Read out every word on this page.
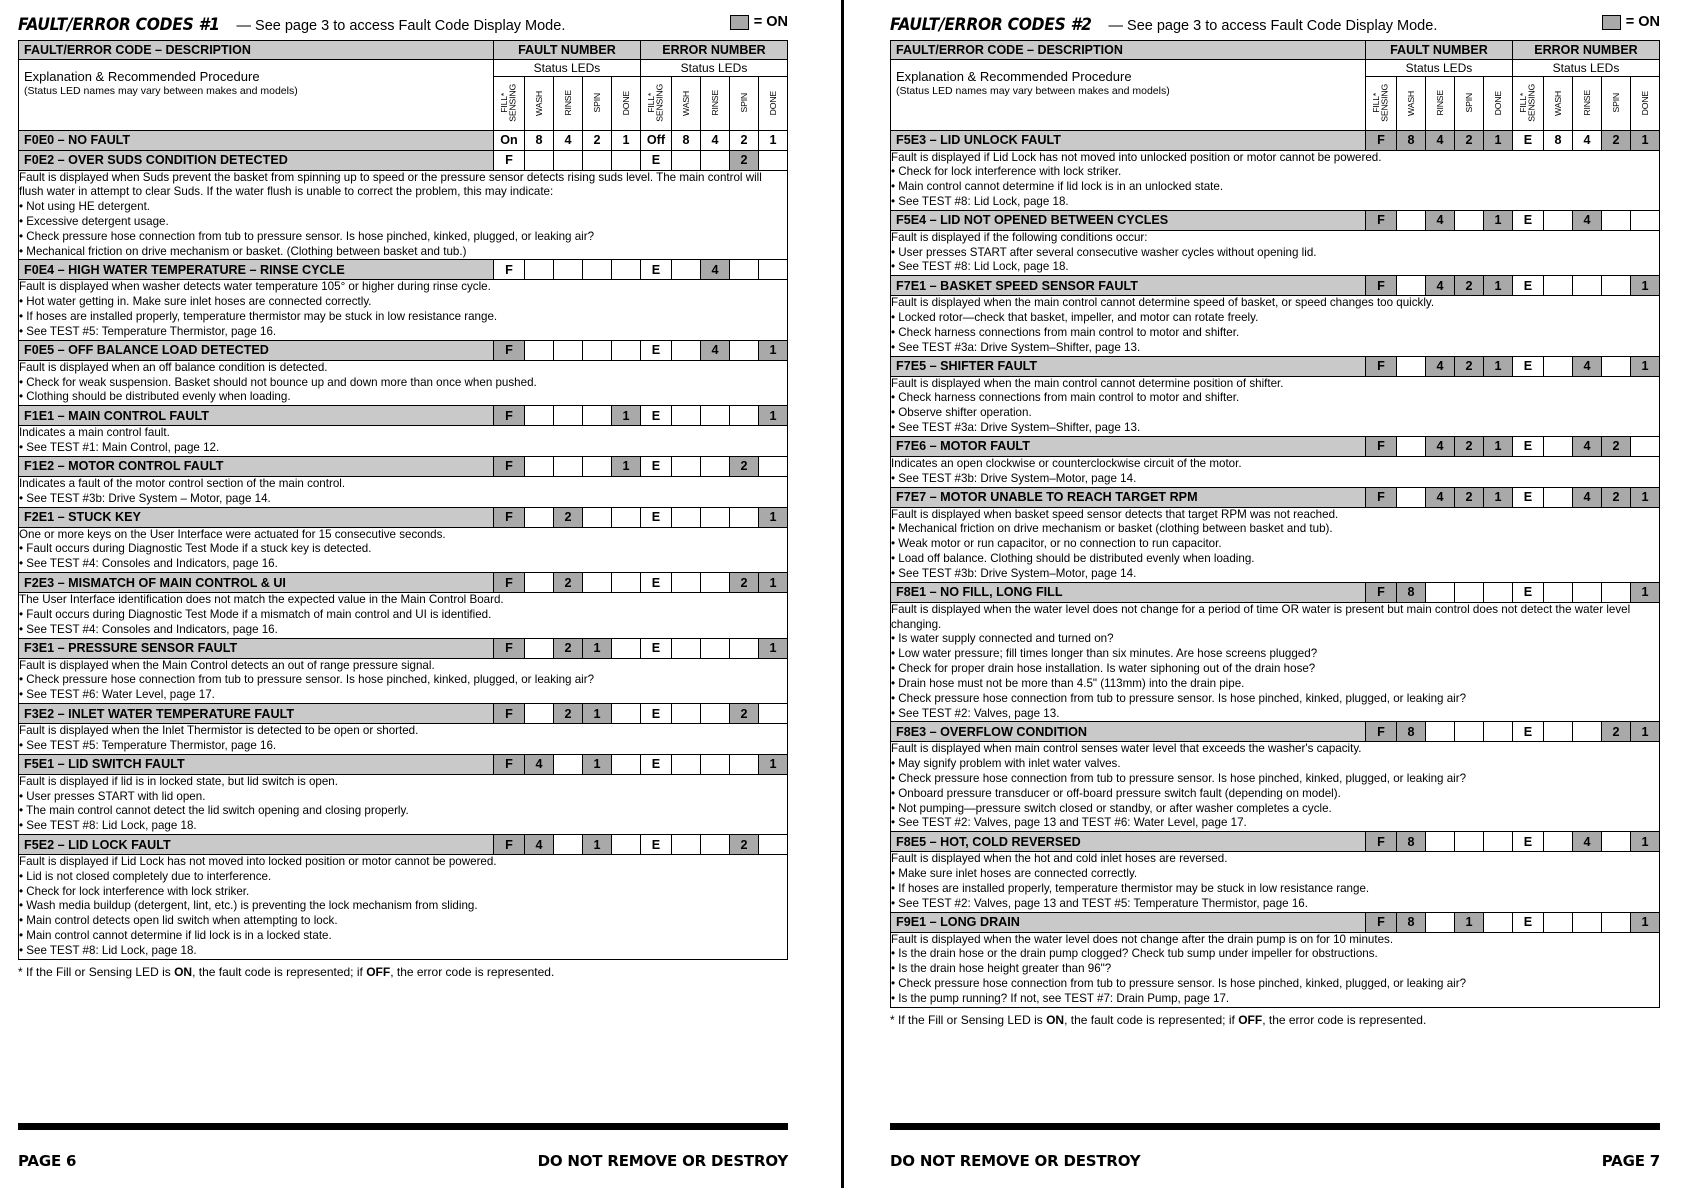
FAULT/ERROR CODES #1 — See page 3 to access Fault Code Display Mode.	= ON
FAULT/ERROR CODE – DESCRIPTION
Explanation & Recommended Procedure
(Status LED names may vary between makes and models)	FAULT NUMBER					ERROR NUMBER				
	Status LEDs					Status LEDs				

	FILL*
SENSING	WASH	RINSE	SPIN	DONE	FILL*
SENSING	WASH	RINSE	SPIN	DONE

F0E0 – NO FAULT	On	8	4	2	1	Off	8	4	2	1
F0E2 – OVER SUDS CONDITION DETECTED	F					E			2	

Fault is displayed when Suds prevent the basket from spinning up to speed or the pressure sensor detects rising suds level. The main control will flush water in attempt to clear Suds. If the water flush is unable to correct the problem, this may indicate:

• Not using HE detergent.

• Excessive detergent usage.

• Check pressure hose connection from tub to pressure sensor. Is hose pinched, kinked, plugged, or leaking air?

• Mechanical friction on drive mechanism or basket. (Clothing between basket and tub.)										

F0E4 – HIGH WATER TEMPERATURE – RINSE CYCLE	F					E		4		

Fault is displayed when washer detects water temperature 105° or higher during rinse cycle.

• Hot water getting in. Make sure inlet hoses are connected correctly.

• If hoses are installed properly, temperature thermistor may be stuck in low resistance range.

• See TEST #5: Temperature Thermistor, page 16.										

F0E5 – OFF BALANCE LOAD DETECTED	F					E		4		1

Fault is displayed when an off balance condition is detected.

• Check for weak suspension. Basket should not bounce up and down more than once when pushed.

• Clothing should be distributed evenly when loading.										

F1E1 – MAIN CONTROL FAULT	F				1	E				1

Indicates a main control fault.

• See TEST #1: Main Control, page 12.										

F1E2 – MOTOR CONTROL FAULT	F				1	E			2	

Indicates a fault of the motor control section of the main control.

• See TEST #3b: Drive System – Motor, page 14.										

F2E1 – STUCK KEY	F		2			E				1

One or more keys on the User Interface were actuated for 15 consecutive seconds.

• Fault occurs during Diagnostic Test Mode if a stuck key is detected.

• See TEST #4: Consoles and Indicators, page 16.										

F2E3 – MISMATCH OF MAIN CONTROL & UI	F		2			E			2	1

The User Interface identification does not match the expected value in the Main Control Board.

• Fault occurs during Diagnostic Test Mode if a mismatch of main control and UI is identified.

• See TEST #4: Consoles and Indicators, page 16.										

F3E1 – PRESSURE SENSOR FAULT	F		2	1		E				1

Fault is displayed when the Main Control detects an out of range pressure signal.

• Check pressure hose connection from tub to pressure sensor. Is hose pinched, kinked, plugged, or leaking air?

• See TEST #6: Water Level, page 17.										

F3E2 – INLET WATER TEMPERATURE FAULT	F		2	1		E			2	

Fault is displayed when the Inlet Thermistor is detected to be open or shorted.

• See TEST #5: Temperature Thermistor, page 16.										

F5E1 – LID SWITCH FAULT	F	4		1		E				1

Fault is displayed if lid is in locked state, but lid switch is open.

• User presses START with lid open.

• The main control cannot detect the lid switch opening and closing properly.

• See TEST #8: Lid Lock, page 18.										

F5E2 – LID LOCK FAULT	F	4		1		E			2	

Fault is displayed if Lid Lock has not moved into locked position or motor cannot be powered.

• Lid is not closed completely due to interference.

• Check for lock interference with lock striker.

• Wash media buildup (detergent, lint, etc.) is preventing the lock mechanism from sliding.

• Main control detects open lid switch when attempting to lock.

• Main control cannot determine if lid lock is in a locked state.

• See TEST #8: Lid Lock, page 18.

* If the Fill or Sensing LED is ON, the fault code is represented; if OFF, the error code is represented.
PAGE 6	DO NOT REMOVE OR DESTROY
FAULT/ERROR CODES #2 — See page 3 to access Fault Code Display Mode.	= ON
FAULT/ERROR CODE – DESCRIPTION
Explanation & Recommended Procedure
(Status LED names may vary between makes and models)	FAULT NUMBER					ERROR NUMBER				
	Status LEDs					Status LEDs				

	FILL*
SENSING	WASH	RINSE	SPIN	DONE	FILL*
SENSING	WASH	RINSE	SPIN	DONE

F5E3 – LID UNLOCK FAULT	F	8	4	2	1	E	8	4	2	1

Fault is displayed if Lid Lock has not moved into unlocked position or motor cannot be powered.

• Check for lock interference with lock striker.

• Main control cannot determine if lid lock is in an unlocked state.

• See TEST #8: Lid Lock, page 18.										

F5E4 – LID NOT OPENED BETWEEN CYCLES	F		4		1	E		4		

Fault is displayed if the following conditions occur:

• User presses START after several consecutive washer cycles without opening lid.

• See TEST #8: Lid Lock, page 18.										

F7E1 – BASKET SPEED SENSOR FAULT	F		4	2	1	E				1

Fault is displayed when the main control cannot determine speed of basket, or speed changes too quickly.

• Locked rotor—check that basket, impeller, and motor can rotate freely.

• Check harness connections from main control to motor and shifter.

• See TEST #3a: Drive System–Shifter, page 13.										

F7E5 – SHIFTER FAULT	F		4	2	1	E		4		1

Fault is displayed when the main control cannot determine position of shifter.

• Check harness connections from main control to motor and shifter.

• Observe shifter operation.

• See TEST #3a: Drive System–Shifter, page 13.										

F7E6 – MOTOR FAULT	F		4	2	1	E		4	2	

Indicates an open clockwise or counterclockwise circuit of the motor.

• See TEST #3b: Drive System–Motor, page 14.										

F7E7 – MOTOR UNABLE TO REACH TARGET RPM	F		4	2	1	E		4	2	1

Fault is displayed when basket speed sensor detects that target RPM was not reached.

• Mechanical friction on drive mechanism or basket (clothing between basket and tub).

• Weak motor or run capacitor, or no connection to run capacitor.

• Load off balance. Clothing should be distributed evenly when loading.

• See TEST #3b: Drive System–Motor, page 14.										

F8E1 – NO FILL, LONG FILL	F	8				E				1

Fault is displayed when the water level does not change for a period of time OR water is present but main control does not detect the water level changing.

• Is water supply connected and turned on?

• Low water pressure; fill times longer than six minutes. Are hose screens plugged?

• Check for proper drain hose installation. Is water siphoning out of the drain hose?

• Drain hose must not be more than 4.5" (113mm) into the drain pipe.

• Check pressure hose connection from tub to pressure sensor. Is hose pinched, kinked, plugged, or leaking air?

• See TEST #2: Valves, page 13.

F8E3 – OVERFLOW CONDITION	F	8				E			2	1

Fault is displayed when main control senses water level that exceeds the washer's capacity.

• May signify problem with inlet water valves.

• Check pressure hose connection from tub to pressure sensor. Is hose pinched, kinked, plugged, or leaking air?

• Onboard pressure transducer or off-board pressure switch fault (depending on model).

• Not pumping—pressure switch closed or standby, or after washer completes a cycle.

• See TEST #2: Valves, page 13 and TEST #6: Water Level, page 17.

F8E5 – HOT, COLD REVERSED	F	8				E		4		1

Fault is displayed when the hot and cold inlet hoses are reversed.

• Make sure inlet hoses are connected correctly.

• If hoses are installed properly, temperature thermistor may be stuck in low resistance range.

• See TEST #2: Valves, page 13 and TEST #5: Temperature Thermistor, page 16.										

F9E1 – LONG DRAIN	F	8		1		E				1

Fault is displayed when the water level does not change after the drain pump is on for 10 minutes.

• Is the drain hose or the drain pump clogged? Check tub sump under impeller for obstructions.

• Is the drain hose height greater than 96"?

• Check pressure hose connection from tub to pressure sensor. Is hose pinched, kinked, plugged, or leaking air?

• Is the pump running? If not, see TEST #7: Drain Pump, page 17.										

* If the Fill or Sensing LED is ON, the fault code is represented; if OFF, the error code is represented.
DO NOT REMOVE OR DESTROY	PAGE 7
